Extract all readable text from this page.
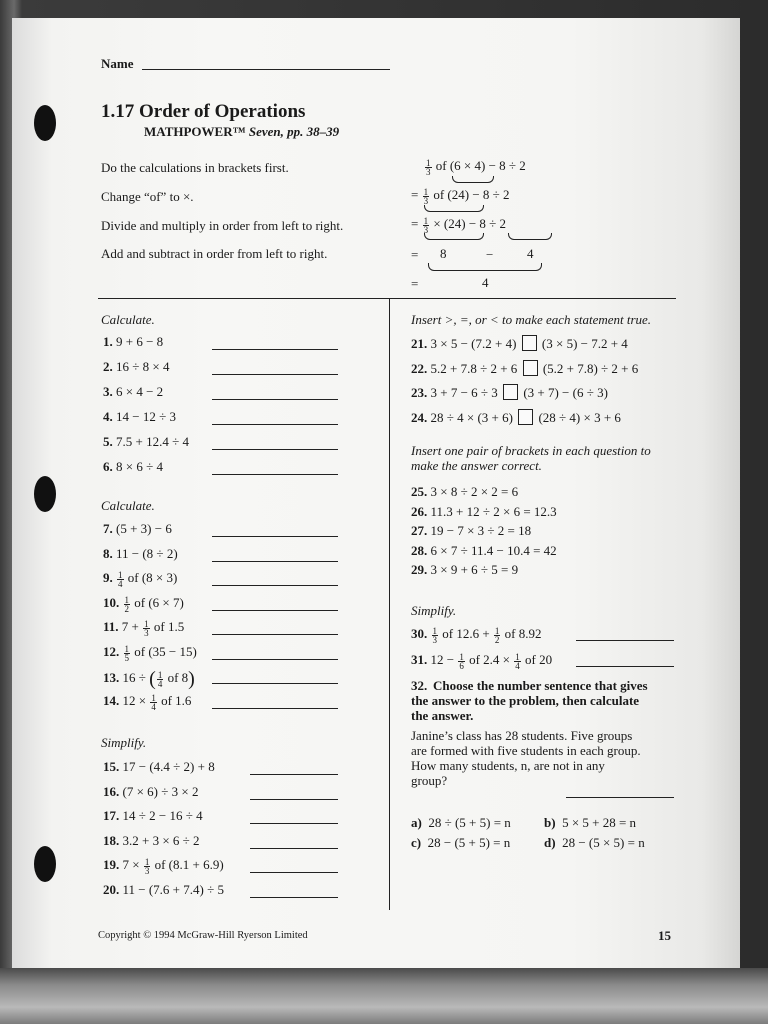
Name
1.17 Order of Operations
MATHPOWER™ Seven, pp. 38–39
Do the calculations in brackets first.
Change “of” to ×.
Divide and multiply in order from left to right.
Add and subtract in order from left to right.
$\frac{1}{3}$ of (6 × 4) − 8 ÷ 2
= $\frac{1}{3}$ of (24) − 8 ÷ 2
= $\frac{1}{3} \times (24) - 8 \div 2$
= 8	−	4
=	4
Calculate.
Calculate.
Simplify.
Insert >, =, or < to make each statement true.
Insert one pair of brackets in each question to
make the answer correct.
Simplify.
30. $\frac{1}{3}$ of $12.6 + \frac{1}{2}$ of 8.92
31. $12 - \frac{1}{6}$ of $2.4 \times \frac{1}{4}$ of 20
32. Choose the number sentence that gives
the answer to the problem, then calculate
the answer.
Janine’s class has 28 students. Five groups
are formed with five students in each group.
How many students, n, are not in any
group?
a) 28 ÷ (5 + 5) = n	b) 5 × 5 + 28 = n
c) 28 − (5 + 5) = n	d) 28 − (5 × 5) = n
Copyright © 1994 McGraw-Hill Ryerson Limited	15
1. 9 + 6 − 8
2. 16 ÷ 8 × 4
3. 6 × 4 − 2
4. 14 − 12 ÷ 3
5. 7.5 + 12.4 ÷ 4
6. 8 × 6 ÷ 4
7. (5 + 3) − 6
8. 11 − (8 ÷ 2)
9. $\frac{1}{4}$ of (8 × 3)
10. $\frac{1}{2}$ of (6 × 7)
11. $7 + \frac{1}{3}$ of 1.5
12. $\frac{1}{5}$ of (35 − 15)
13. 16 ÷ ( $\frac{1}{4}$ of 8)
14. $12 \times \frac{1}{4}$ of 1.6
15. 17 − (4.4 ÷ 2) + 8
16. (7 × 6) ÷ 3 × 2
17. 14 ÷ 2 − 16 ÷ 4
18. 3.2 + 3 × 6 ÷ 2
19. $7 \times \frac{1}{3}$ of (8.1 + 6.9)
20. 11 − (7.6 + 7.4) ÷ 5
21. 3 × 5 − (7.2 + 4)  (3 × 5) − 7.2 + 4
22. 5.2 + 7.8 ÷ 2 + 6  (5.2 + 7.8) ÷ 2 + 6
23. 3 + 7 − 6 ÷ 3  (3 + 7) − (6 ÷ 3)
24. 28 ÷ 4 × (3 + 6)  (28 ÷ 4) × 3 + 6
25. 3 × 8 ÷ 2 × 2 = 6
26. 11.3 + 12 ÷ 2 × 6 = 12.3
27. 19 − 7 × 3 ÷ 2 = 18
28. 6 × 7 ÷ 11.4 − 10.4 = 42
29. 3 × 9 + 6 ÷ 5 = 9
